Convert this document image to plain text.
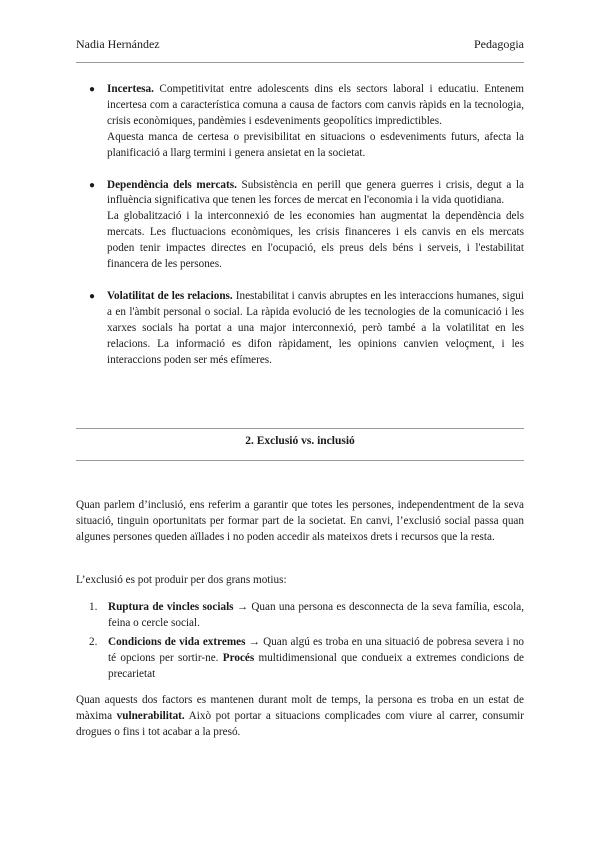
Nadia Hernández	Pedagogia
● Incertesa. Competitivitat entre adolescents dins els sectors laboral i educatiu. Entenem incertesa com a característica comuna a causa de factors com canvis ràpids en la tecnologia, crisis econòmiques, pandèmies i esdeveniments geopolítics impredictibles.

Aquesta manca de certesa o previsibilitat en situacions o esdeveniments futurs, afecta la planificació a llarg termini i genera ansietat en la societat.

● Dependència dels mercats. Subsistència en perill que genera guerres i crisis, degut a la influència significativa que tenen les forces de mercat en l'economia i la vida quotidiana.

La globalització i la interconnexió de les economies han augmentat la dependència dels mercats. Les fluctuacions econòmiques, les crisis financeres i els canvis en els mercats poden tenir impactes directes en l'ocupació, els preus dels béns i serveis, i l'estabilitat financera de les persones.

● Volatilitat de les relacions. Inestabilitat i canvis abruptes en les interaccions humanes, sigui a en l'àmbit personal o social. La ràpida evolució de les tecnologies de la comunicació i les xarxes socials ha portat a una major interconnexió, però també a la volatilitat en les relacions. La informació es difon ràpidament, les opinions canvien veloçment, i les interaccions poden ser més efímeres.

2. Exclusió vs. inclusió

Quan parlem d’inclusió, ens referim a garantir que totes les persones, independentment de la seva situació, tinguin oportunitats per formar part de la societat. En canvi, l’exclusió social passa quan algunes persones queden aïllades i no poden accedir als mateixos drets i recursos que la resta.

L’exclusió es pot produir per dos grans motius:

1. Ruptura de vincles socials → Quan una persona es desconnecta de la seva família, escola, feina o cercle social.
2. Condicions de vida extremes → Quan algú es troba en una situació de pobresa severa i no té opcions per sortir-ne. Procés multidimensional que condueix a extremes condicions de precarietat

Quan aquests dos factors es mantenen durant molt de temps, la persona es troba en un estat de màxima vulnerabilitat. Això pot portar a situacions complicades com viure al carrer, consumir drogues o fins i tot acabar a la presó.
